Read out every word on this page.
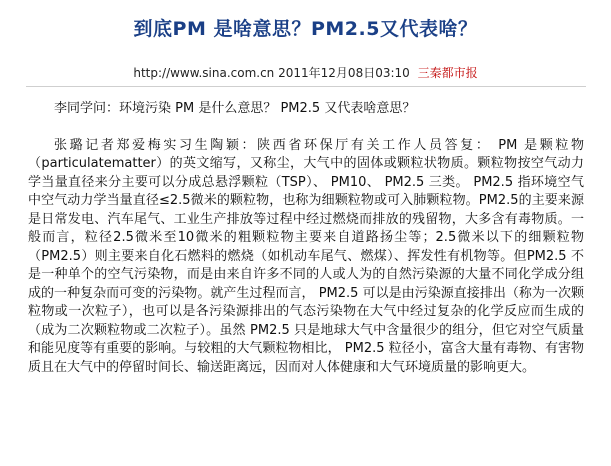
到底PM 是啥意思？PM2.5又代表啥？
http://www.sina.com.cn 2011年12月08日03:10 三秦都市报

李同学问：环境污染 PM 是什么意思？ PM2.5 又代表啥意思？

张璐记者郑爱梅实习生陶颖：陕西省环保厅有关工作人员答复： PM 是颗粒物（particulatematter）的英文缩写，又称尘，大气中的固体或颗粒状物质。颗粒物按空气动力学当量直径来分主要可以分成总悬浮颗粒（TSP）、 PM10、 PM2.5 三类。 PM2.5 指环境空气中空气动力学当量直径≤2.5微米的颗粒物，也称为细颗粒物或可入肺颗粒物。PM2.5的主要来源是日常发电、汽车尾气、工业生产排放等过程中经过燃烧而排放的残留物，大多含有毒物质。一般而言，粒径2.5微米至10微米的粗颗粒物主要来自道路扬尘等；2.5微米以下的细颗粒物（PM2.5）则主要来自化石燃料的燃烧（如机动车尾气、燃煤）、挥发性有机物等。但PM2.5 不是一种单个的空气污染物，而是由来自许多不同的人或人为的自然污染源的大量不同化学成分组成的一种复杂而可变的污染物。就产生过程而言， PM2.5 可以是由污染源直接排出（称为一次颗粒物或一次粒子），也可以是各污染源排出的气态污染物在大气中经过复杂的化学反应而生成的（成为二次颗粒物或二次粒子）。虽然 PM2.5 只是地球大气中含量很少的组分，但它对空气质量和能见度等有重要的影响。与较粗的大气颗粒物相比， PM2.5 粒径小，富含大量有毒物、有害物质且在大气中的停留时间长、输送距离远，因而对人体健康和大气环境质量的影响更大。
